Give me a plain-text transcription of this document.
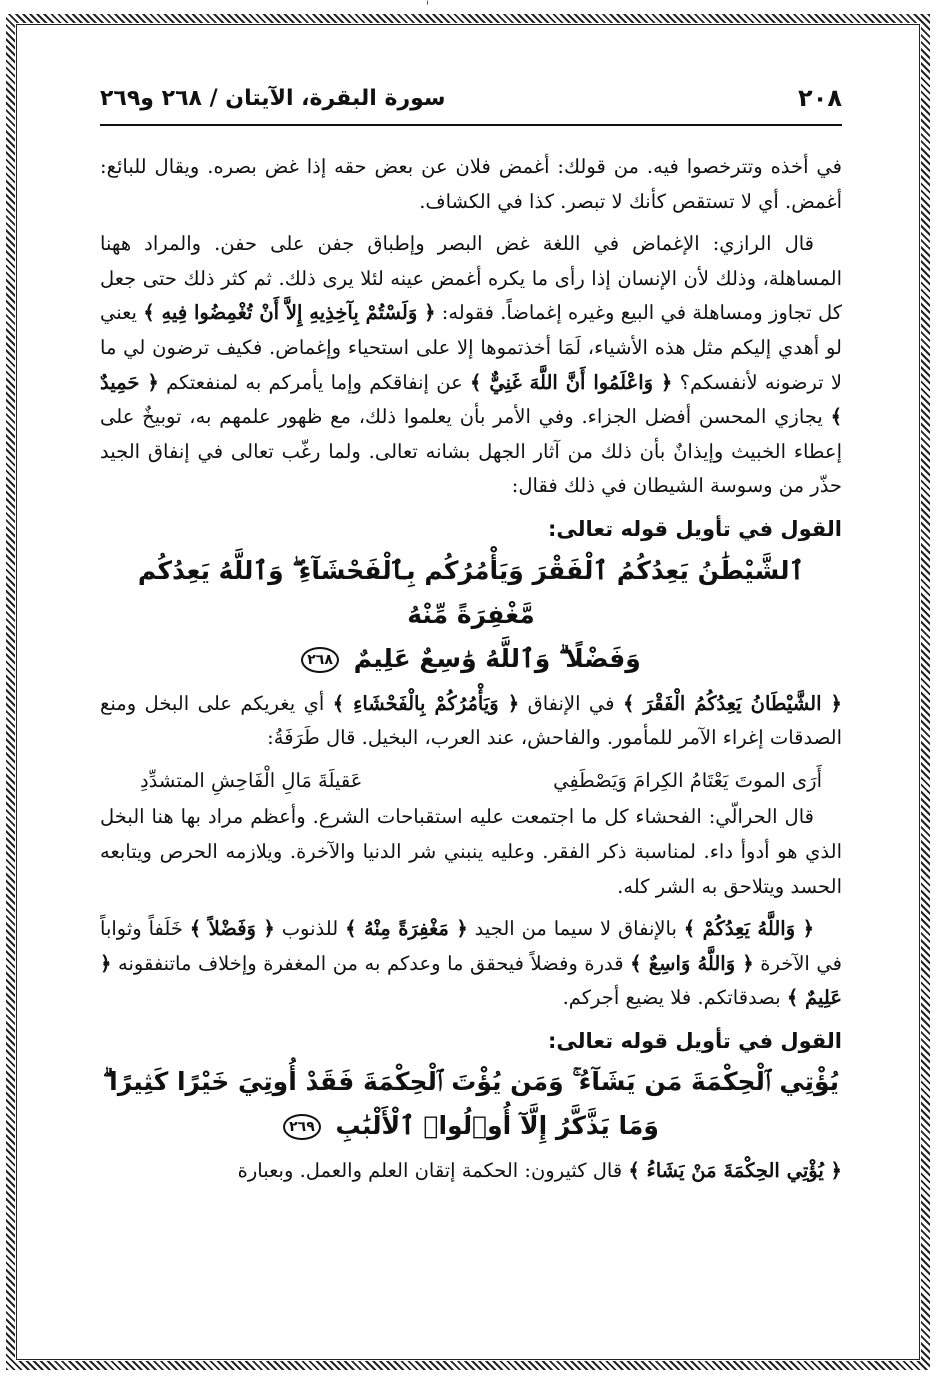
٢٠٨
سورة البقرة، الآيتان / ٢٦٨ و٢٦٩

في أخذه وتترخصوا فيه. من قولك: أغمض فلان عن بعض حقه إذا غض بصره. ويقال للبائع: أغمض. أي لا تستقص كأنك لا تبصر. كذا في الكشاف.

قال الرازي: الإغماض في اللغة غض البصر وإطباق جفن على حفن. والمراد ههنا المساهلة، وذلك لأن الإنسان إذا رأى ما يكره أغمض عينه لئلا يرى ذلك. ثم كثر ذلك حتى جعل كل تجاوز ومساهلة في البيع وغيره إغماضاً. فقوله: ﴿ وَلَسْتُمْ بِآخِذِيهِ إِلاَّ أَنْ تُغْمِضُوا فِيهِ ﴾ يعني لو أهدي إليكم مثل هذه الأشياء، لَمَا أخذتموها إلا على استحياء وإغماض. فكيف ترضون لي ما لا ترضونه لأنفسكم؟ ﴿ وَاعْلَمُوا أَنَّ اللَّهَ غَنِيٌّ ﴾ عن إنفاقكم وإما يأمركم به لمنفعتكم ﴿ حَمِيدٌ ﴾ يجازي المحسن أفضل الجزاء. وفي الأمر بأن يعلموا ذلك، مع ظهور علمهم به، توبيخٌ على إعطاء الخبيث وإيذانٌ بأن ذلك من آثار الجهل بشانه تعالى. ولما رغّب تعالى في إنفاق الجيد حذّر من وسوسة الشيطان في ذلك فقال:

القول في تأويل قوله تعالى:
ٱلشَّيْطَٰنُ يَعِدُكُمُ ٱلْفَقْرَ وَيَأْمُرُكُم بِٱلْفَحْشَآءِ ۖ وَٱللَّهُ يَعِدُكُم مَّغْفِرَةً مِّنْهُ
وَفَضْلًا ۗ وَٱللَّهُ وَٰسِعٌ عَلِيمٌ ٢٦٨

﴿ الشَّيْطَانُ يَعِدُكُمُ الْفَقْرَ ﴾ في الإنفاق ﴿ وَيَأْمُرُكُمْ بِالْفَحْشَاءِ ﴾ أي يغريكم على البخل ومنع الصدقات إغراء الآمر للمأمور. والفاحش، عند العرب، البخيل. قال طَرَفَةُ:

أَرَى الموتَ يَعْتَامُ الكِرامَ وَيَصْطَفِي
عَقيلَةَ مَالِ الْفَاحِشِ المتشدِّدِ

قال الحرالّي: الفحشاء كل ما اجتمعت عليه استقباحات الشرع. وأعظم مراد بها هنا البخل الذي هو أدوأ داء. لمناسبة ذكر الفقر. وعليه ينبني شر الدنيا والآخرة. ويلازمه الحرص ويتابعه الحسد ويتلاحق به الشر كله.

﴿ وَاللَّهُ يَعِدُكُمْ ﴾ بالإنفاق لا سيما من الجيد ﴿ مَغْفِرَةً مِنْهُ ﴾ للذنوب ﴿ وَفَضْلاً ﴾ خَلَفاً وثواباً في الآخرة ﴿ وَاللَّهُ وَاسِعٌ ﴾ قدرة وفضلاً فيحقق ما وعدكم به من المغفرة وإخلاف ماتنفقونه ﴿ عَلِيمٌ ﴾ بصدقاتكم. فلا يضيع أجركم.

القول في تأويل قوله تعالى:
يُؤْتِي ٱلْحِكْمَةَ مَن يَشَآءُ ۚ وَمَن يُؤْتَ ٱلْحِكْمَةَ فَقَدْ أُوتِيَ خَيْرًا كَثِيرًا ۗ
وَمَا يَذَّكَّرُ إِلَّآ أُو۟لُوا۟ ٱلْأَلْبَٰبِ ٢٦٩

﴿ يُؤْتِي الحِكْمَةَ مَنْ يَشَاءُ ﴾ قال كثيرون: الحكمة إتقان العلم والعمل. وبعبارة
